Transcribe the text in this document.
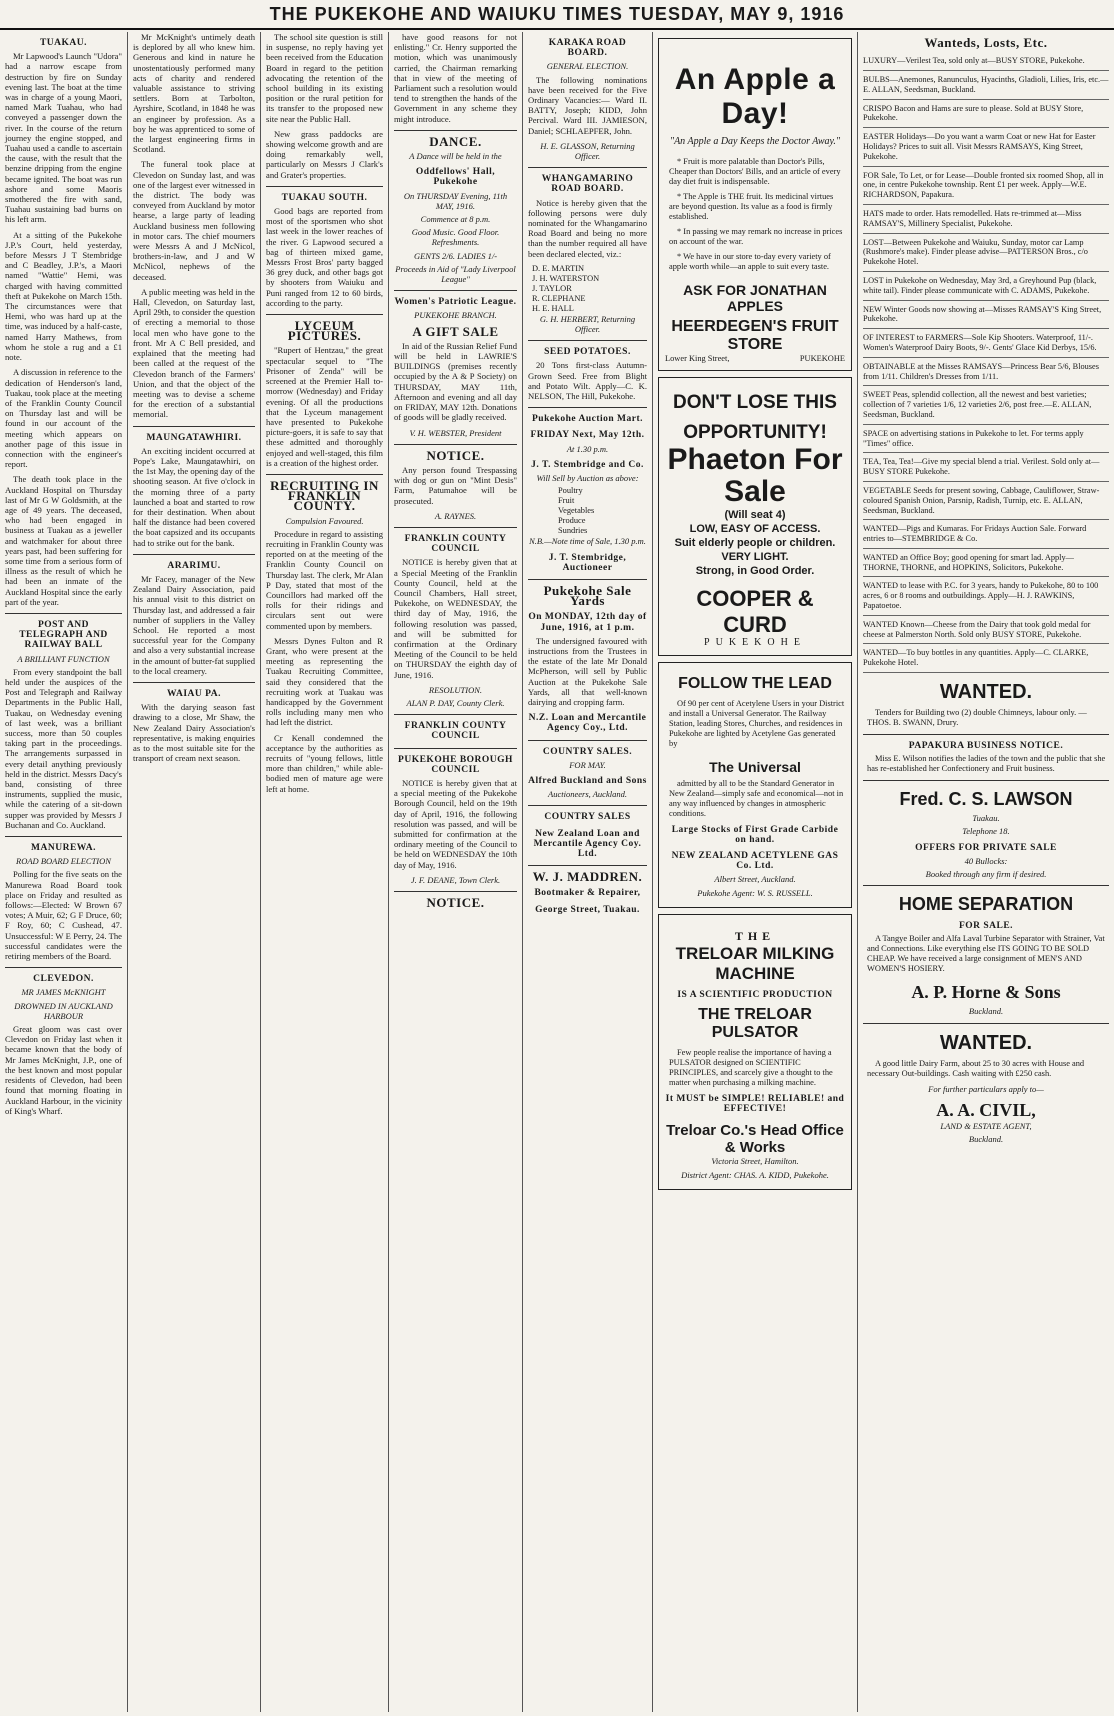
THE PUKEKOHE AND WAIUKU TIMES TUESDAY, MAY 9, 1916
TUAKAU.

Mr Lapwood's Launch "Udora" had a narrow escape from destruction by fire on Sunday evening last. The boat at the time was in charge of a young Maori, named Mark Tuahau, who had conveyed a passenger down the river. In the course of the return journey the engine stopped, and Tuahau used a candle to ascertain the cause, with the result that the benzine dripping from the engine became ignited. The boat was run ashore and some Maoris smothered the fire with sand, Tuahau sustaining bad burns on his left arm.

At a sitting of the Pukekohe J.P.'s Court, held yesterday, before Messrs J T Stembridge and C Beadley, J.P.'s, a Maori named "Wattie" Hemi, was charged with having committed theft at Pukekohe on March 15th. The circumstances were that Hemi, who was hard up at the time, was induced by a half-caste, named Harry Mathews, from whom he stole a rug and a £1 note.

A discussion in reference to the dedication of Henderson's land, Tuakau, took place at the meeting of the Franklin County Council on Thursday last and will be found in our account of the meeting which appears on another page of this issue in connection with the engineer's report.

The death took place in the Auckland Hospital on Thursday last of Mr G W Goldsmith, at the age of 49 years. The deceased, who had been engaged in business at Tuakau as a jeweller and watchmaker for about three years past, had been suffering for some time from a serious form of illness as the result of which he had been an inmate of the Auckland Hospital since the early part of the year.

POST AND TELEGRAPH AND RAILWAY BALL
A BRILLIANT FUNCTION

From every standpoint the ball held under the auspices of the Post and Telegraph and Railway Departments in the Public Hall, Tuakau, on Wednesday evening of last week, was a brilliant success, more than 50 couples taking part in the proceedings. The arrangements surpassed in every detail anything previously held in the district. Messrs Dacy's band, consisting of three instruments, supplied the music, while the catering of a sit-down supper was provided by Messrs J Buchanan and Co. Auckland.

MANUREWA.
ROAD BOARD ELECTION

Polling for the five seats on the Manurewa Road Board took place on Friday and resulted as follows:—Elected: W Brown 67 votes; A Muir, 62; G F Druce, 60; F Roy, 60; C Cushead, 47. Unsuccessful: W E Perry, 24. The successful candidates were the retiring members of the Board.

CLEVEDON.
MR JAMES McKNIGHT
DROWNED IN AUCKLAND HARBOUR

Great gloom was cast over Clevedon on Friday last when it became known that the body of Mr James McKnight, J.P., one of the best known and most popular residents of Clevedon, had been found that morning floating in Auckland Harbour, in the vicinity of King's Wharf.

Mr McKnight's untimely death is deplored by all who knew him. Generous and kind in nature he unostentatiously performed many acts of charity and rendered valuable assistance to striving settlers. Born at Tarbolton, Ayrshire, Scotland, in 1848 he was an engineer by profession. As a boy he was apprenticed to some of the largest engineering firms in Scotland.

The funeral took place at Clevedon on Sunday last, and was one of the largest ever witnessed in the district. The body was conveyed from Auckland by motor hearse, a large party of leading Auckland business men following in motor cars. The chief mourners were Messrs A and J McNicol, brothers-in-law, and J and W McNicol, nephews of the deceased.

A public meeting was held in the Hall, Clevedon, on Saturday last, April 29th, to consider the question of erecting a memorial to those local men who have gone to the front. Mr A C Bell presided, and explained that the meeting had been called at the request of the Clevedon branch of the Farmers' Union, and that the object of the meeting was to devise a scheme for the erection of a substantial memorial.

MAUNGATAWHIRI.

An exciting incident occurred at Pope's Lake, Maungatawhiri, on the 1st May, the opening day of the shooting season. At five o'clock in the morning three of a party launched a boat and started to row for their destination. When about half the distance had been covered the boat capsized and its occupants had to strike out for the bank.

ARARIMU.

Mr Facey, manager of the New Zealand Dairy Association, paid his annual visit to this district on Thursday last, and addressed a fair number of suppliers in the Valley School. He reported a most successful year for the Company and also a very substantial increase in the amount of butter-fat supplied to the local creamery.

WAIAU PA.

With the darying season fast drawing to a close, Mr Shaw, the New Zealand Dairy Association's representative, is making enquiries as to the most suitable site for the transport of cream next season.

The school site question is still in suspense, no reply having yet been received from the Education Board in regard to the petition advocating the retention of the school building in its existing position or the rural petition for its transfer to the proposed new site near the Public Hall.

New grass paddocks are showing welcome growth and are doing remarkably well, particularly on Messrs J Clark's and Grater's properties.

TUAKAU SOUTH.

Good bags are reported from most of the sportsmen who shot last week in the lower reaches of the river. G Lapwood secured a bag of thirteen mixed game, Messrs Frost Bros' party bagged 36 grey duck, and other bags got by shooters from Waiuku and Puni ranged from 12 to 60 birds, according to the party.

LYCEUM PICTURES.

"Rupert of Hentzau," the great spectacular sequel to "The Prisoner of Zenda" will be screened at the Premier Hall to-morrow (Wednesday) and Friday evening. Of all the productions that the Lyceum management have presented to Pukekohe picture-goers, it is safe to say that these admitted and thoroughly enjoyed and well-staged, this film is a creation of the highest order.

RECRUITING IN FRANKLIN COUNTY.
Compulsion Favoured.

Procedure in regard to assisting recruiting in Franklin County was reported on at the meeting of the Franklin County Council on Thursday last. The clerk, Mr Alan P Day, stated that most of the Councillors had marked off the rolls for their ridings and circulars sent out were commented upon by members.

Messrs Dynes Fulton and R Grant, who were present at the meeting as representing the Tuakau Recruiting Committee, said they considered that the recruiting work at Tuakau was handicapped by the Government rolls including many men who had left the district.

Cr Kenall condemned the acceptance by the authorities as recruits of "young fellows, little more than children," while able-bodied men of mature age were left at home.

have good reasons for not enlisting." Cr. Henry supported the motion, which was unanimously carried, the Chairman remarking that in view of the meeting of Parliament such a resolution would tend to strengthen the hands of the Government in any scheme they might introduce.

DANCE.
A Dance will be held in the
Oddfellows' Hall, Pukekohe
On THURSDAY Evening, 11th MAY, 1916.
Commence at 8 p.m.
Good Music. Good Floor. Refreshments.
GENTS 2/6. LADIES 1/-
Proceeds in Aid of "Lady Liverpool League"
Women's Patriotic League.
PUKEKOHE BRANCH.
A GIFT SALE

In aid of the Russian Relief Fund will be held in LAWRIE'S BUILDINGS (premises recently occupied by the A & P Society) on THURSDAY, MAY 11th, Afternoon and evening and all day on FRIDAY, MAY 12th. Donations of goods will be gladly received.

V. H. WEBSTER, President
NOTICE.

Any person found Trespassing with dog or gun on "Mint Desis" Farm, Patumahoe will be prosecuted.

A. RAYNES.
FRANKLIN COUNTY COUNCIL

NOTICE is hereby given that at a Special Meeting of the Franklin County Council, held at the Council Chambers, Hall street, Pukekohe, on WEDNESDAY, the third day of May, 1916, the following resolution was passed, and will be submitted for confirmation at the Ordinary Meeting of the Council to be held on THURSDAY the eighth day of June, 1916.

RESOLUTION.
ALAN P. DAY, County Clerk.
FRANKLIN COUNTY COUNCIL
PUKEKOHE BOROUGH COUNCIL

NOTICE is hereby given that at a special meeting of the Pukekohe Borough Council, held on the 19th day of April, 1916, the following resolution was passed, and will be submitted for confirmation at the ordinary meeting of the Council to be held on WEDNESDAY the 10th day of May, 1916.

J. F. DEANE, Town Clerk.
NOTICE.
KARAKA ROAD BOARD.
GENERAL ELECTION.

The following nominations have been received for the Five Ordinary Vacancies:— Ward II. BATTY, Joseph; KIDD, John Percival. Ward III. JAMIESON, Daniel; SCHLAEPFER, John.

H. E. GLASSON, Returning Officer.
WHANGAMARINO ROAD BOARD.

Notice is hereby given that the following persons were duly nominated for the Whangamarino Road Board and being no more than the number required all have been declared elected, viz.:

D. E. MARTIN
J. H. WATERSTON
J. TAYLOR
R. CLEPHANE
H. E. HALL
G. H. HERBERT, Returning Officer.
SEED POTATOES.

20 Tons first-class Autumn-Grown Seed. Free from Blight and Potato Wilt. Apply—C. K. NELSON, The Hill, Pukekohe.

Pukekohe Auction Mart.
FRIDAY Next, May 12th.
At 1.30 p.m.
J. T. Stembridge and Co.
Will Sell by Auction as above:
Poultry
Fruit
Vegetables
Produce
Sundries
N.B.—Note time of Sale, 1.30 p.m.
J. T. Stembridge, Auctioneer
Pukekohe Sale Yards
On MONDAY, 12th day of June, 1916, at 1 p.m.

The undersigned favoured with instructions from the Trustees in the estate of the late Mr Donald McPherson, will sell by Public Auction at the Pukekohe Sale Yards, all that well-known dairying and cropping farm.

N.Z. Loan and Mercantile Agency Coy., Ltd.
COUNTRY SALES.
FOR MAY.
Alfred Buckland and Sons
Auctioneers, Auckland.
COUNTRY SALES
New Zealand Loan and Mercantile Agency Coy. Ltd.
W. J. MADDREN.
Bootmaker & Repairer,
George Street, Tuakau.
An Apple a Day!
"An Apple a Day Keeps the Doctor Away."

* Fruit is more palatable than Doctor's Pills, Cheaper than Doctors' Bills, and an article of every day diet fruit is indispensable.

* The Apple is THE fruit. Its medicinal virtues are beyond question. Its value as a food is firmly established.

* In passing we may remark no increase in prices on account of the war.

* We have in our store to-day every variety of apple worth while—an apple to suit every taste.

ASK FOR JONATHAN APPLES
HEERDEGEN'S FRUIT STORE
Lower King Street,	PUKEKOHE
DON'T LOSE THIS
OPPORTUNITY!
Phaeton For Sale
(Will seat 4)
LOW, EASY OF ACCESS.
Suit elderly people or children.
VERY LIGHT.
Strong, in Good Order.
COOPER & CURD
PUKEKOHE
FOLLOW THE LEAD

Of 90 per cent of Acetylene Users in your District and install a Universal Generator. The Railway Station, leading Stores, Churches, and residences in Pukekohe are lighted by Acetylene Gas generated by

The Universal

admitted by all to be the Standard Generator in New Zealand—simply safe and economical—not in any way influenced by changes in atmospheric conditions.

Large Stocks of First Grade Carbide on hand.
NEW ZEALAND ACETYLENE GAS Co. Ltd.
Albert Street, Auckland.
Pukekohe Agent: W. S. RUSSELL.
THE
TRELOAR MILKING MACHINE
IS A SCIENTIFIC PRODUCTION
THE TRELOAR PULSATOR

Few people realise the importance of having a PULSATOR designed on SCIENTIFIC PRINCIPLES, and scarcely give a thought to the matter when purchasing a milking machine.

It MUST be SIMPLE! RELIABLE! and EFFECTIVE!
Treloar Co.'s Head Office & Works
Victoria Street, Hamilton.
District Agent: CHAS. A. KIDD, Pukekohe.
Wanteds, Losts, Etc.
LUXURY—Verilest Tea, sold only at—BUSY STORE, Pukekohe.
BULBS—Anemones, Ranunculus, Hyacinths, Gladioli, Lilies, Iris, etc.—E. ALLAN, Seedsman, Buckland.
CRISPO Bacon and Hams are sure to please. Sold at BUSY Store, Pukekohe.
EASTER Holidays—Do you want a warm Coat or new Hat for Easter Holidays? Prices to suit all. Visit Messrs RAMSAYS, King Street, Pukekohe.
FOR Sale, To Let, or for Lease—Double fronted six roomed Shop, all in one, in centre Pukekohe township. Rent £1 per week. Apply—W.E. RICHARDSON, Papakura.
HATS made to order. Hats remodelled. Hats re-trimmed at—Miss RAMSAY'S, Millinery Specialist, Pukekohe.
LOST—Between Pukekohe and Waiuku, Sunday, motor car Lamp (Rushmore's make). Finder please advise—PATTERSON Bros., c/o Pukekohe Hotel.
LOST in Pukekohe on Wednesday, May 3rd, a Greyhound Pup (black, white tail). Finder please communicate with C. ADAMS, Pukekohe.
NEW Winter Goods now showing at—Misses RAMSAY'S King Street, Pukekohe.
OF INTEREST to FARMERS—Sole Kip Shooters. Waterproof, 11/-. Women's Waterproof Dairy Boots, 9/-. Gents' Glace Kid Derbys, 15/6.
OBTAINABLE at the Misses RAMSAYS—Princess Bear 5/6, Blouses from 1/11. Children's Dresses from 1/11.
SWEET Peas, splendid collection, all the newest and best varieties; collection of 7 varieties 1/6, 12 varieties 2/6, post free.—E. ALLAN, Seedsman, Buckland.
SPACE on advertising stations in Pukekohe to let. For terms apply "Times" office.
TEA, Tea, Tea!—Give my special blend a trial. Verilest. Sold only at—BUSY STORE Pukekohe.
VEGETABLE Seeds for present sowing, Cabbage, Cauliflower, Straw-coloured Spanish Onion, Parsnip, Radish, Turnip, etc. E. ALLAN, Seedsman, Buckland.
WANTED—Pigs and Kumaras. For Fridays Auction Sale. Forward entries to—STEMBRIDGE & Co.
WANTED an Office Boy; good opening for smart lad. Apply—THORNE, THORNE, and HOPKINS, Solicitors, Pukekohe.
WANTED to lease with P.C. for 3 years, handy to Pukekohe, 80 to 100 acres, 6 or 8 rooms and outbuildings. Apply—H. J. RAWKINS, Papatoetoe.
WANTED Known—Cheese from the Dairy that took gold medal for cheese at Palmerston North. Sold only BUSY STORE, Pukekohe.
WANTED—To buy bottles in any quantities. Apply—C. CLARKE, Pukekohe Hotel.
WANTED.

Tenders for Building two (2) double Chimneys, labour only. — THOS. B. SWANN, Drury.

PAPAKURA BUSINESS NOTICE.

Miss E. Wilson notifies the ladies of the town and the public that she has re-established her Confectionery and Fruit business.

Fred. C. S. LAWSON
Tuakau.
Telephone 18.
OFFERS FOR PRIVATE SALE
40 Bullocks:
Booked through any firm if desired.
HOME SEPARATION
FOR SALE.

A Tangye Boiler and Alfa Laval Turbine Separator with Strainer, Vat and Connections. Like everything else ITS GOING TO BE SOLD CHEAP. We have received a large consignment of MEN'S AND WOMEN'S HOSIERY.

A. P. Horne & Sons
Buckland.
WANTED.

A good little Dairy Farm, about 25 to 30 acres with House and necessary Out-buildings. Cash waiting with £250 cash.

For further particulars apply to—
A. A. CIVIL,
LAND & ESTATE AGENT,
Buckland.
